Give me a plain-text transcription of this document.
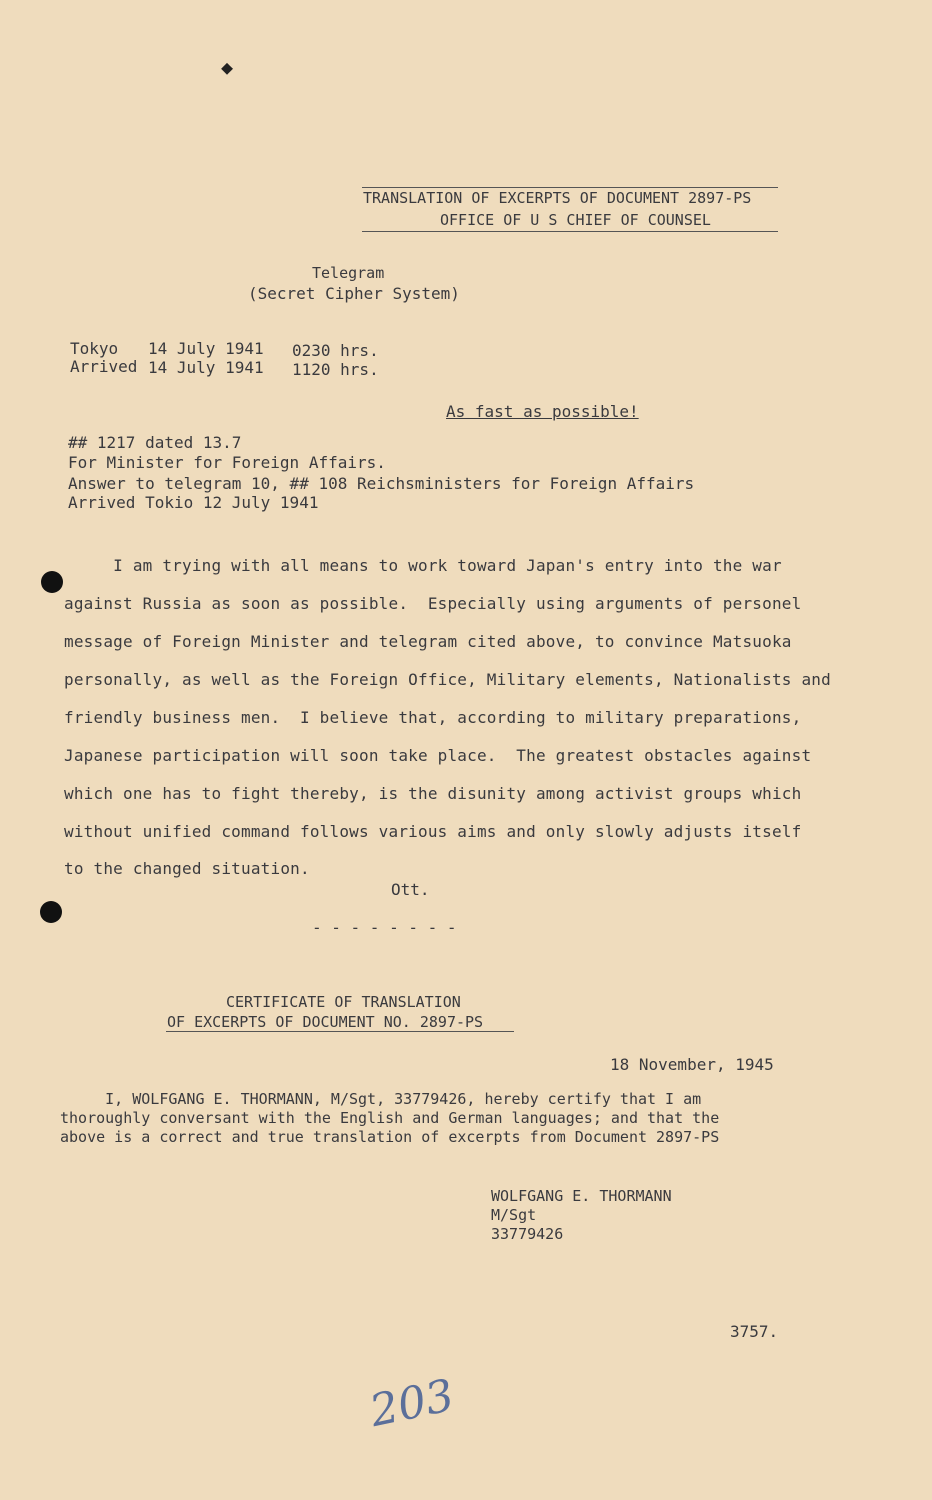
◆
TRANSLATION OF EXCERPTS OF DOCUMENT 2897-PS
OFFICE OF U S CHIEF OF COUNSEL
Telegram
(Secret Cipher System)
Tokyo 14 July 1941 0230 hrs.
Arrived 14 July 1941 1120 hrs.
As fast as possible!
## 1217 dated 13.7
For Minister for Foreign Affairs.
Answer to telegram 10, ## 108 Reichsministers for Foreign Affairs
Arrived Tokio 12 July 1941
I am trying with all means to work toward Japan's entry into the war
against Russia as soon as possible.  Especially using arguments of personel
message of Foreign Minister and telegram cited above, to convince Matsuoka
personally, as well as the Foreign Office, Military elements, Nationalists and
friendly business men.  I believe that, according to military preparations,
Japanese participation will soon take place.  The greatest obstacles against
which one has to fight thereby, is the disunity among activist groups which
without unified command follows various aims and only slowly adjusts itself
to the changed situation.
Ott.
- - - - - - - -
CERTIFICATE OF TRANSLATION
OF EXCERPTS OF DOCUMENT NO. 2897-PS
18 November, 1945
I, WOLFGANG E. THORMANN, M/Sgt, 33779426, hereby certify that I am
thoroughly conversant with the English and German languages; and that the
above is a correct and true translation of excerpts from Document 2897-PS
WOLFGANG E. THORMANN
M/Sgt
33779426
3757.
203
